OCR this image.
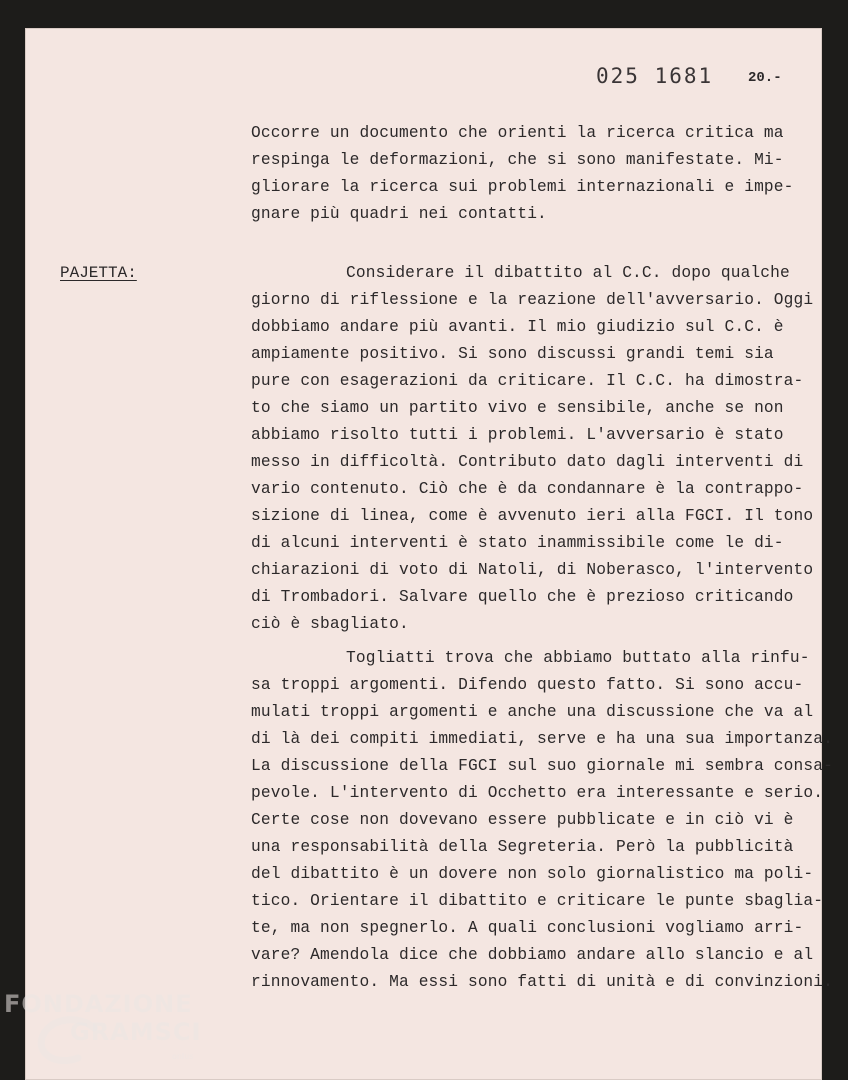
025 1681 20.-
Occorre un documento che orienti la ricerca critica ma
respinga le deformazioni, che si sono manifestate. Mi-
gliorare la ricerca sui problemi internazionali e impe-
gnare più quadri nei contatti.
PAJETTA:	Considerare il dibattito al C.C. dopo qualche
giorno di riflessione e la reazione dell'avversario. Oggi
dobbiamo andare più avanti. Il mio giudizio sul C.C. è
ampiamente positivo. Si sono discussi grandi temi sia
pure con esagerazioni da criticare. Il C.C. ha dimostra-
to che siamo un partito vivo e sensibile, anche se non
abbiamo risolto tutti i problemi. L'avversario è stato
messo in difficoltà. Contributo dato dagli interventi di
vario contenuto. Ciò che è da condannare è la contrappo-
sizione di linea, come è avvenuto ieri alla FGCI. Il tono
di alcuni interventi è stato inammissibile come le di-
chiarazioni di voto di Natoli, di Noberasco, l'intervento
di Trombadori. Salvare quello che è prezioso criticando
ciò è sbagliato.
Togliatti trova che abbiamo buttato alla rinfu-
sa troppi argomenti. Difendo questo fatto. Si sono accu-
mulati troppi argomenti e anche una discussione che va al
di là dei compiti immediati, serve e ha una sua importanza.
La discussione della FGCI sul suo giornale mi sembra consa-
pevole. L'intervento di Occhetto era interessante e serio.
Certe cose non dovevano essere pubblicate e in ciò vi è
una responsabilità della Segreteria. Però la pubblicità
del dibattito è un dovere non solo giornalistico ma poli-
tico. Orientare il dibattito e criticare le punte sbaglia-
te, ma non spegnerlo. A quali conclusioni vogliamo arri-
vare? Amendola dice che dobbiamo andare allo slancio e al
rinnovamento. Ma essi sono fatti di unità e di convinzioni.
FONDAZIONE
GRAMSCI
onlus
